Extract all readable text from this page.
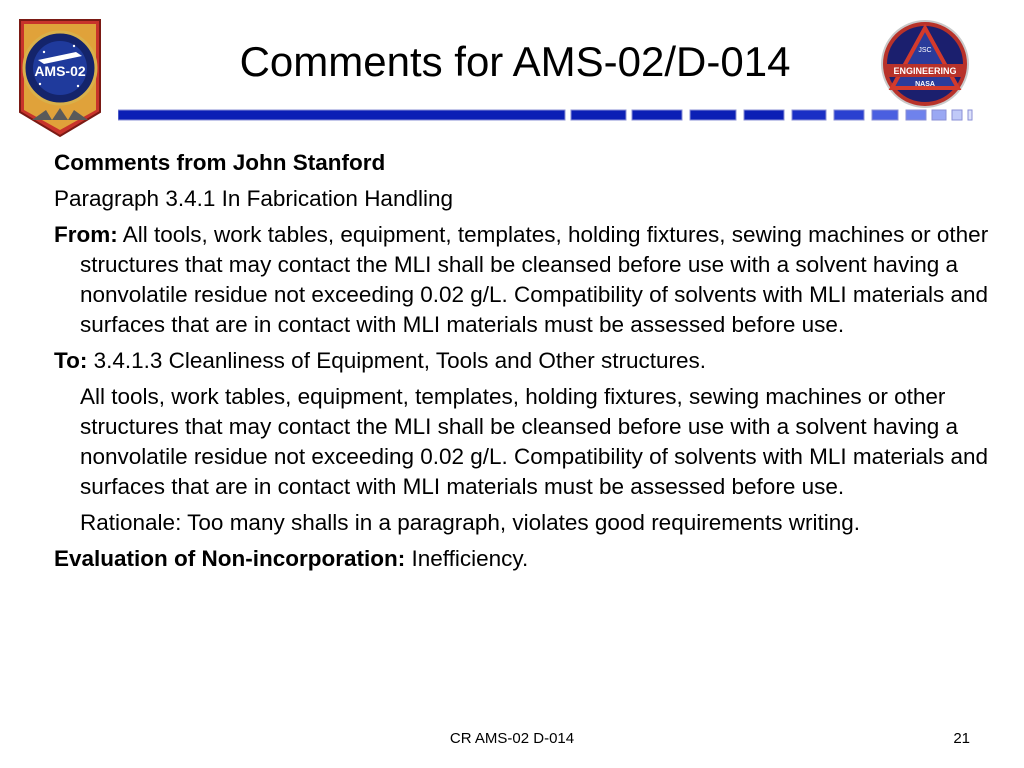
AMS-02	Comments for AMS-02/D-014	JSC
ENGINEERING
NASA

Comments from John Stanford

Paragraph 3.4.1 In Fabrication Handling

From: All tools, work tables, equipment, templates, holding fixtures, sewing machines or other structures that may contact the MLI shall be cleansed before use with a solvent having a nonvolatile residue not exceeding 0.02 g/L. Compatibility of solvents with MLI materials and surfaces that are in contact with MLI materials must be assessed before use.

To: 3.4.1.3 Cleanliness of Equipment, Tools and Other structures.

All tools, work tables, equipment, templates, holding fixtures, sewing machines or other structures that may contact the MLI shall be cleansed before use with a solvent having a nonvolatile residue not exceeding 0.02 g/L. Compatibility of solvents with MLI materials and surfaces that are in contact with MLI materials must be assessed before use.

Rationale: Too many shalls in a paragraph, violates good requirements writing.

Evaluation of Non-incorporation: Inefficiency.

CR AMS-02 D-014	21
